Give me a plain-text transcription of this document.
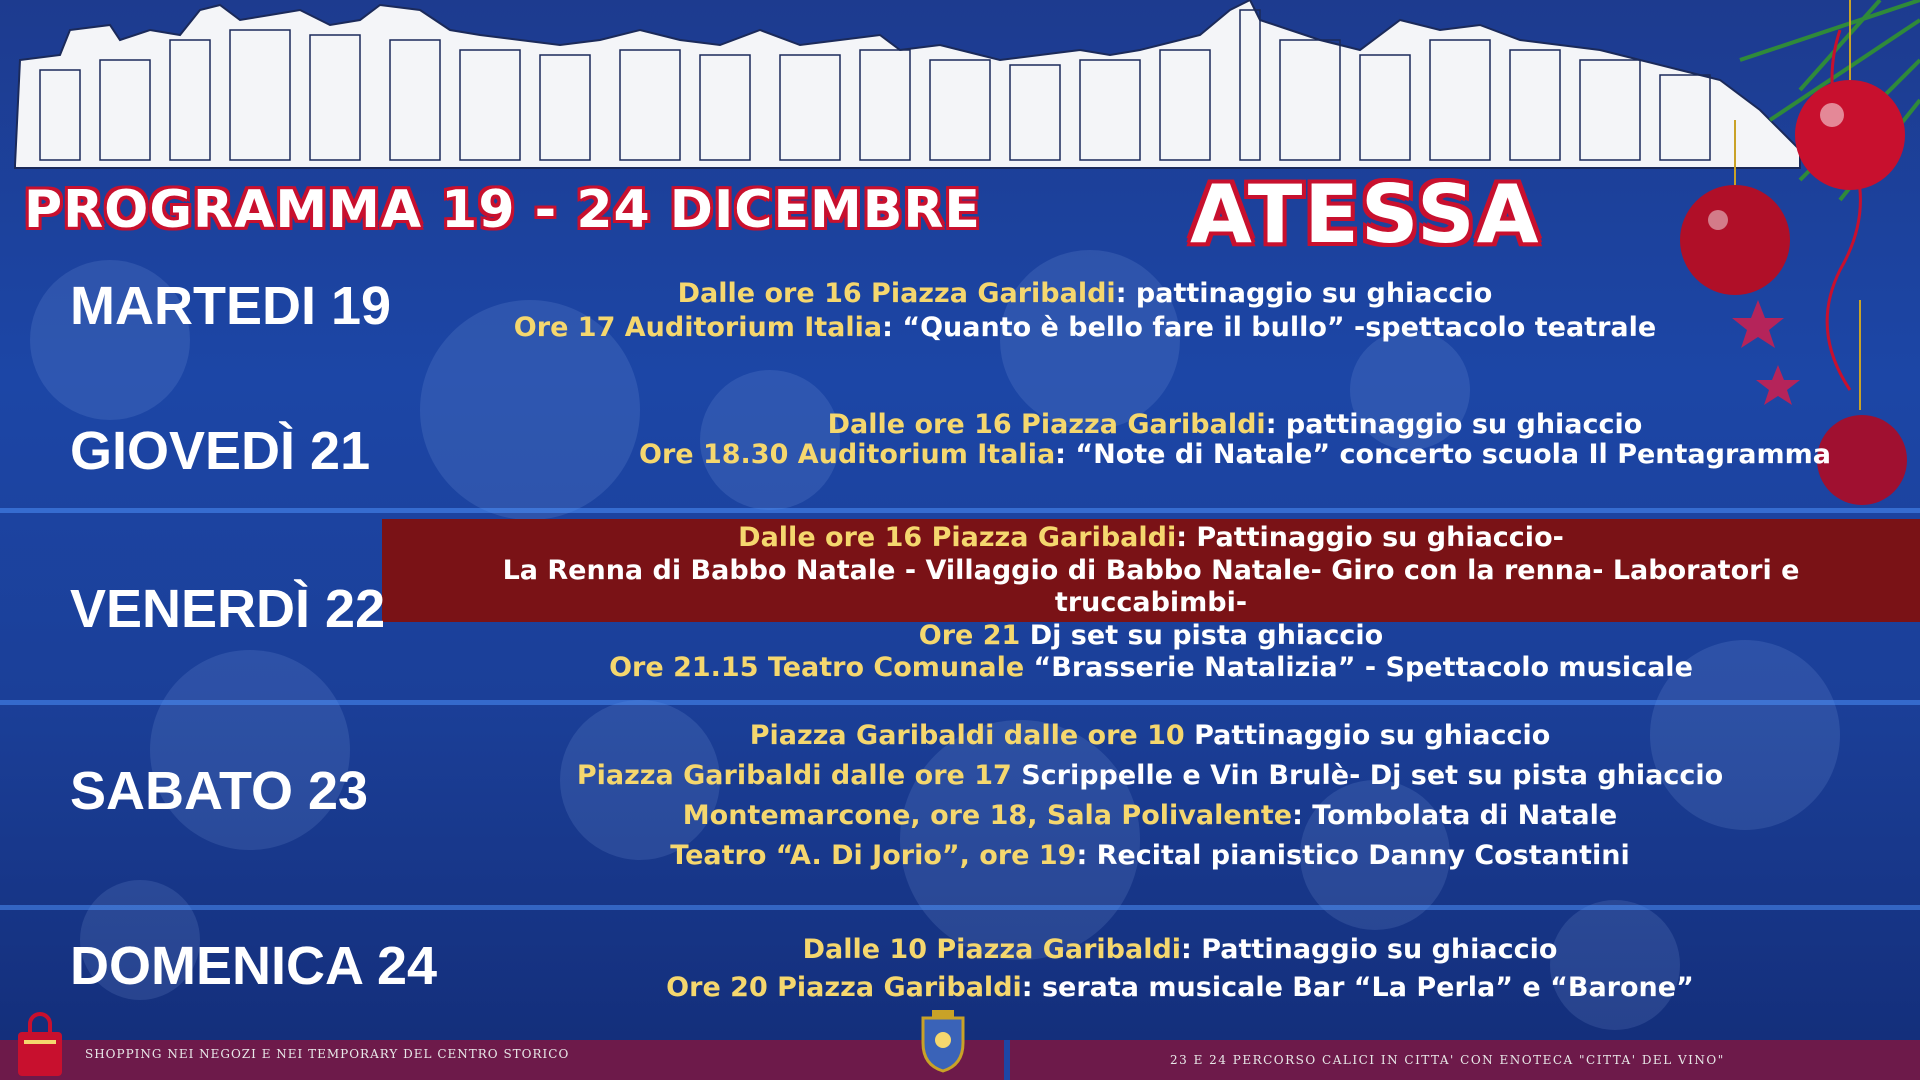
PROGRAMMA 19 - 24 DICEMBRE	ATESSA
MARTEDI 19	Dalle ore 16 Piazza Garibaldi: pattinaggio su ghiaccio
Ore 17 Auditorium Italia: “Quanto è bello fare il bullo” -spettacolo teatrale
GIOVEDÌ 21	Dalle ore 16 Piazza Garibaldi: pattinaggio su ghiaccio
Ore 18.30 Auditorium Italia: “Note di Natale” concerto scuola Il Pentagramma
VENERDÌ 22
Dalle ore 16 Piazza Garibaldi: Pattinaggio su ghiaccio-
La Renna di Babbo Natale - Villaggio di Babbo Natale- Giro con la renna- Laboratori e
truccabimbi-
Ore 21 Dj set su pista ghiaccio
Ore 21.15 Teatro Comunale “Brasserie Natalizia” - Spettacolo musicale
SABATO 23
Piazza Garibaldi dalle ore 10 Pattinaggio su ghiaccio
Piazza Garibaldi dalle ore 17 Scrippelle e Vin Brulè- Dj set su pista ghiaccio
Montemarcone, ore 18, Sala Polivalente: Tombolata di Natale
Teatro “A. Di Jorio”, ore 19: Recital pianistico Danny Costantini
DOMENICA 24	Dalle 10 Piazza Garibaldi: Pattinaggio su ghiaccio
Ore 20 Piazza Garibaldi: serata musicale Bar “La Perla” e “Barone”
SHOPPING NEI NEGOZI E NEI TEMPORARY DEL CENTRO STORICO	23 E 24 PERCORSO CALICI IN CITTA' CON ENOTECA "CITTA' DEL VINO"
